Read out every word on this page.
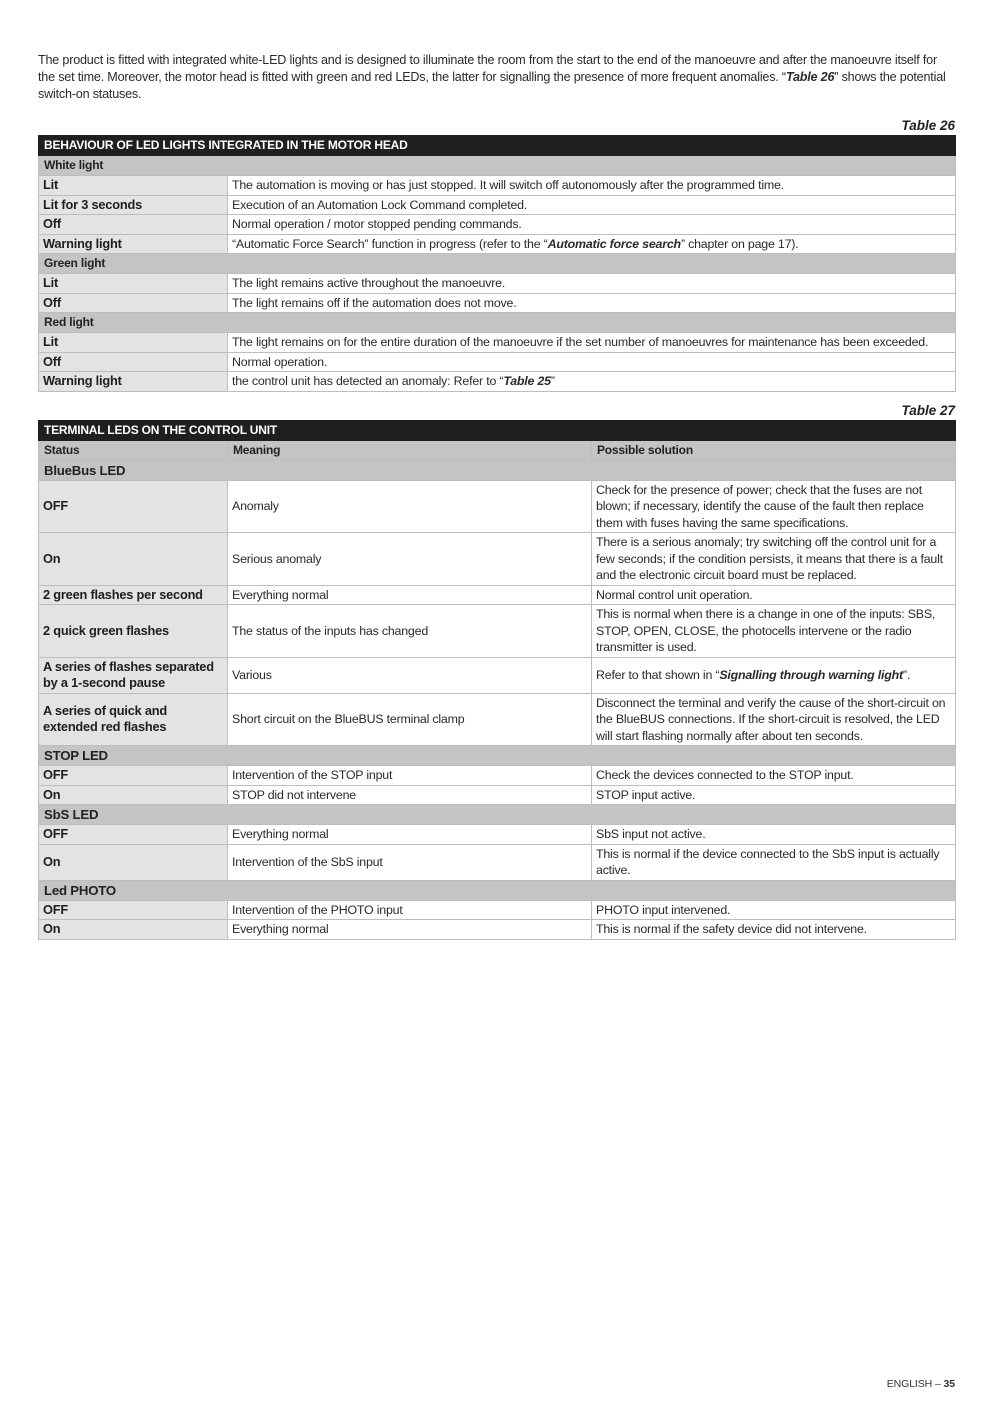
The product is fitted with integrated white-LED lights and is designed to illuminate the room from the start to the end of the manoeuvre and after the manoeuvre itself for the set time. Moreover, the motor head is fitted with green and red LEDs, the latter for signalling the presence of more frequent anomalies. “Table 26” shows the potential switch-on statuses.

Table 26

BEHAVIOUR OF LED LIGHTS INTEGRATED IN THE MOTOR HEAD	
White light	
Lit	The automation is moving or has just stopped. It will switch off autonomously after the programmed time.
Lit for 3 seconds	Execution of an Automation Lock Command completed.
Off	Normal operation / motor stopped pending commands.
Warning light	“Automatic Force Search” function in progress (refer to the “Automatic force search” chapter on page 17).
Green light	
Lit	The light remains active throughout the manoeuvre.
Off	The light remains off if the automation does not move.
Red light	
Lit	The light remains on for the entire duration of the manoeuvre if the set number of manoeuvres for maintenance has been exceeded.
Off	Normal operation.
Warning light	the control unit has detected an anomaly: Refer to “Table 25”

Table 27

TERMINAL LEDS ON THE CONTROL UNIT		
Status	Meaning	Possible solution
BlueBus LED		
OFF	Anomaly	Check for the presence of power; check that the fuses are not blown; if necessary, identify the cause of the fault then replace them with fuses having the same specifications.
On	Serious anomaly	There is a serious anomaly; try switching off the control unit for a few seconds; if the condition persists, it means that there is a fault and the electronic circuit board must be replaced.
2 green flashes per second	Everything normal	Normal control unit operation.
2 quick green flashes	The status of the inputs has changed	This is normal when there is a change in one of the inputs: SBS, STOP, OPEN, CLOSE, the photocells intervene or the radio transmitter is used.
A series of flashes separated by a 1-second pause	Various	Refer to that shown in “Signalling through warning light”.
A series of quick and extended red flashes	Short circuit on the BlueBUS terminal clamp	Disconnect the terminal and verify the cause of the short-circuit on the BlueBUS connections. If the short-circuit is resolved, the LED will start flashing normally after about ten seconds.
STOP LED		
OFF	Intervention of the STOP input	Check the devices connected to the STOP input.
On	STOP did not intervene	STOP input active.
SbS LED		
OFF	Everything normal	SbS input not active.
On	Intervention of the SbS input	This is normal if the device connected to the SbS input is actually active.
Led PHOTO		
OFF	Intervention of the PHOTO input	PHOTO input intervened.
On	Everything normal	This is normal if the safety device did not intervene.
ENGLISH – 35
